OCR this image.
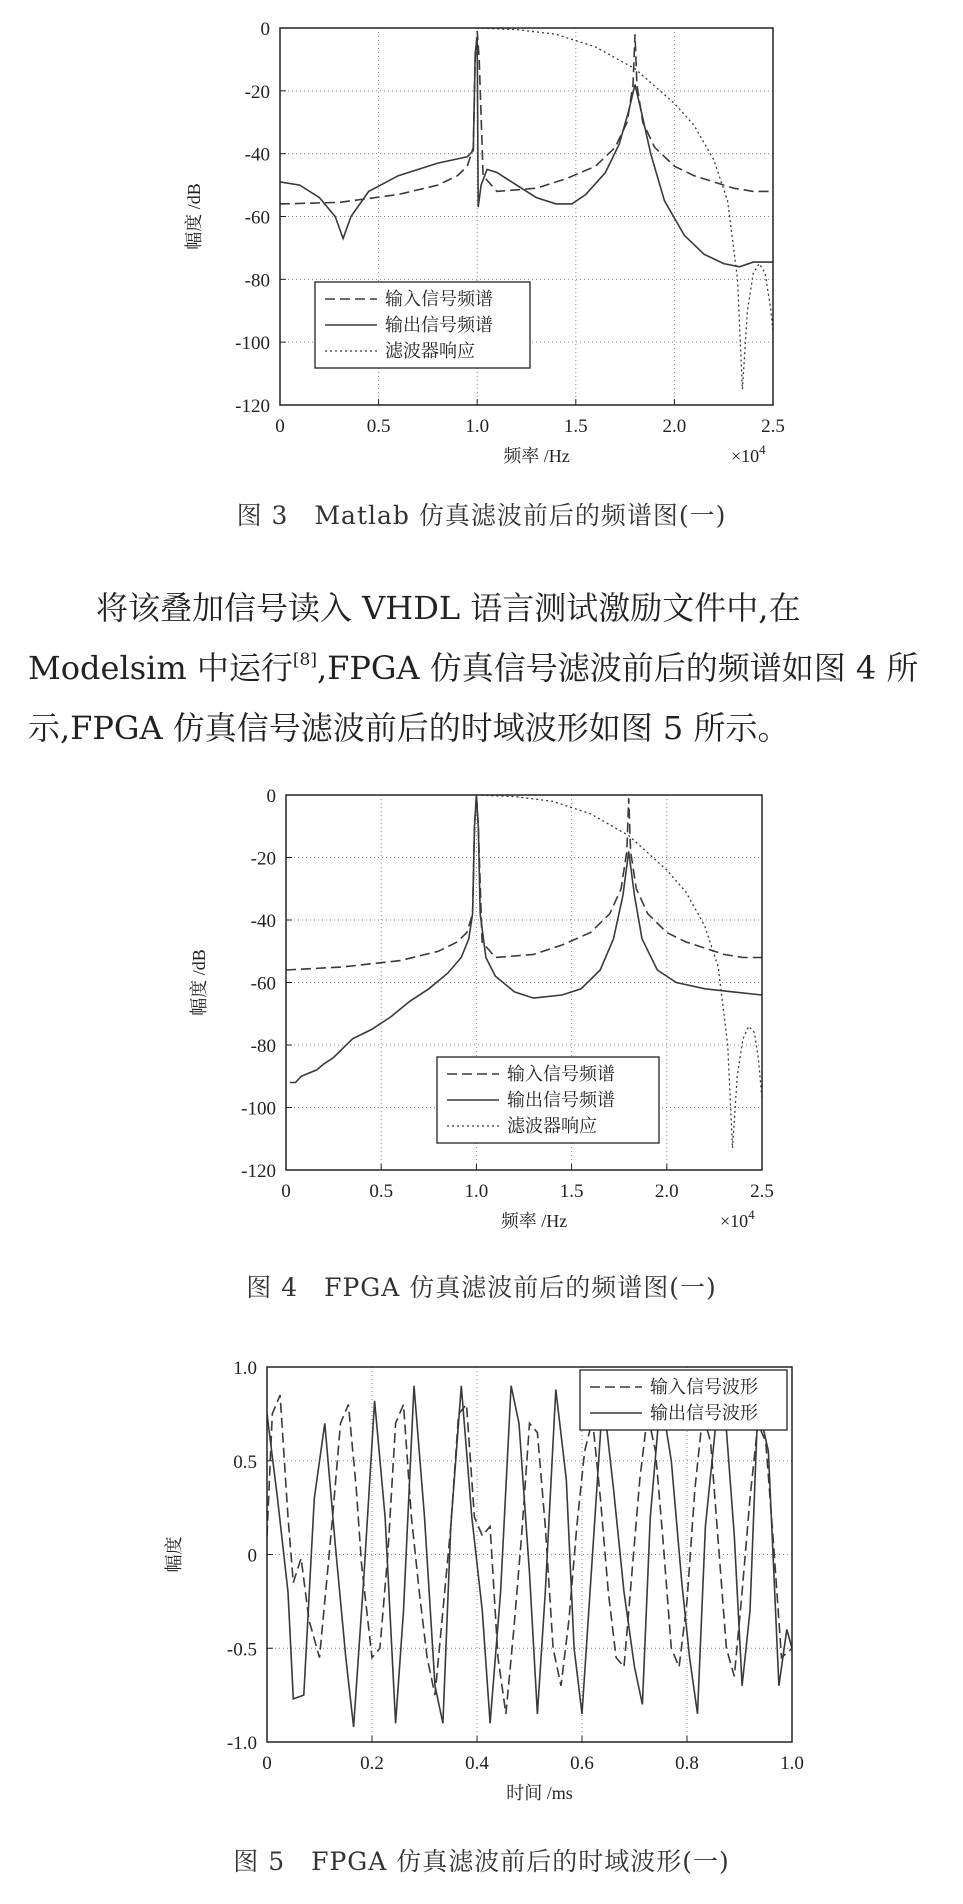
0	0.5	1.0	1.5	2.0	2.5
0
-20
-40
-60
-80
-100
-120
频率 /Hz
幅度 /dB
$\times 10^4$
输入信号频谱
输出信号频谱
滤波器响应
图 3　Matlab 仿真滤波前后的频谱图(一)

将该叠加信号读入 VHDL 语言测试激励文件中,在 Modelsim 中运行[8],FPGA 仿真信号滤波前后的频谱如图 4 所示,FPGA 仿真信号滤波前后的时域波形如图 5 所示。

0	0.5	1.0	1.5	2.0	2.5
0
-20
-40
-60
-80
-100
-120
频率 /Hz
幅度 /dB
$\times 10^4$
输入信号频谱
输出信号频谱
滤波器响应
图 4　FPGA 仿真滤波前后的频谱图(一)
0	0.2	0.4	0.6	0.8	1.0
1.0
0.5
0
-0.5
-1.0
时间 /ms
幅度
输入信号波形
输出信号波形
图 5　FPGA 仿真滤波前后的时域波形(一)
